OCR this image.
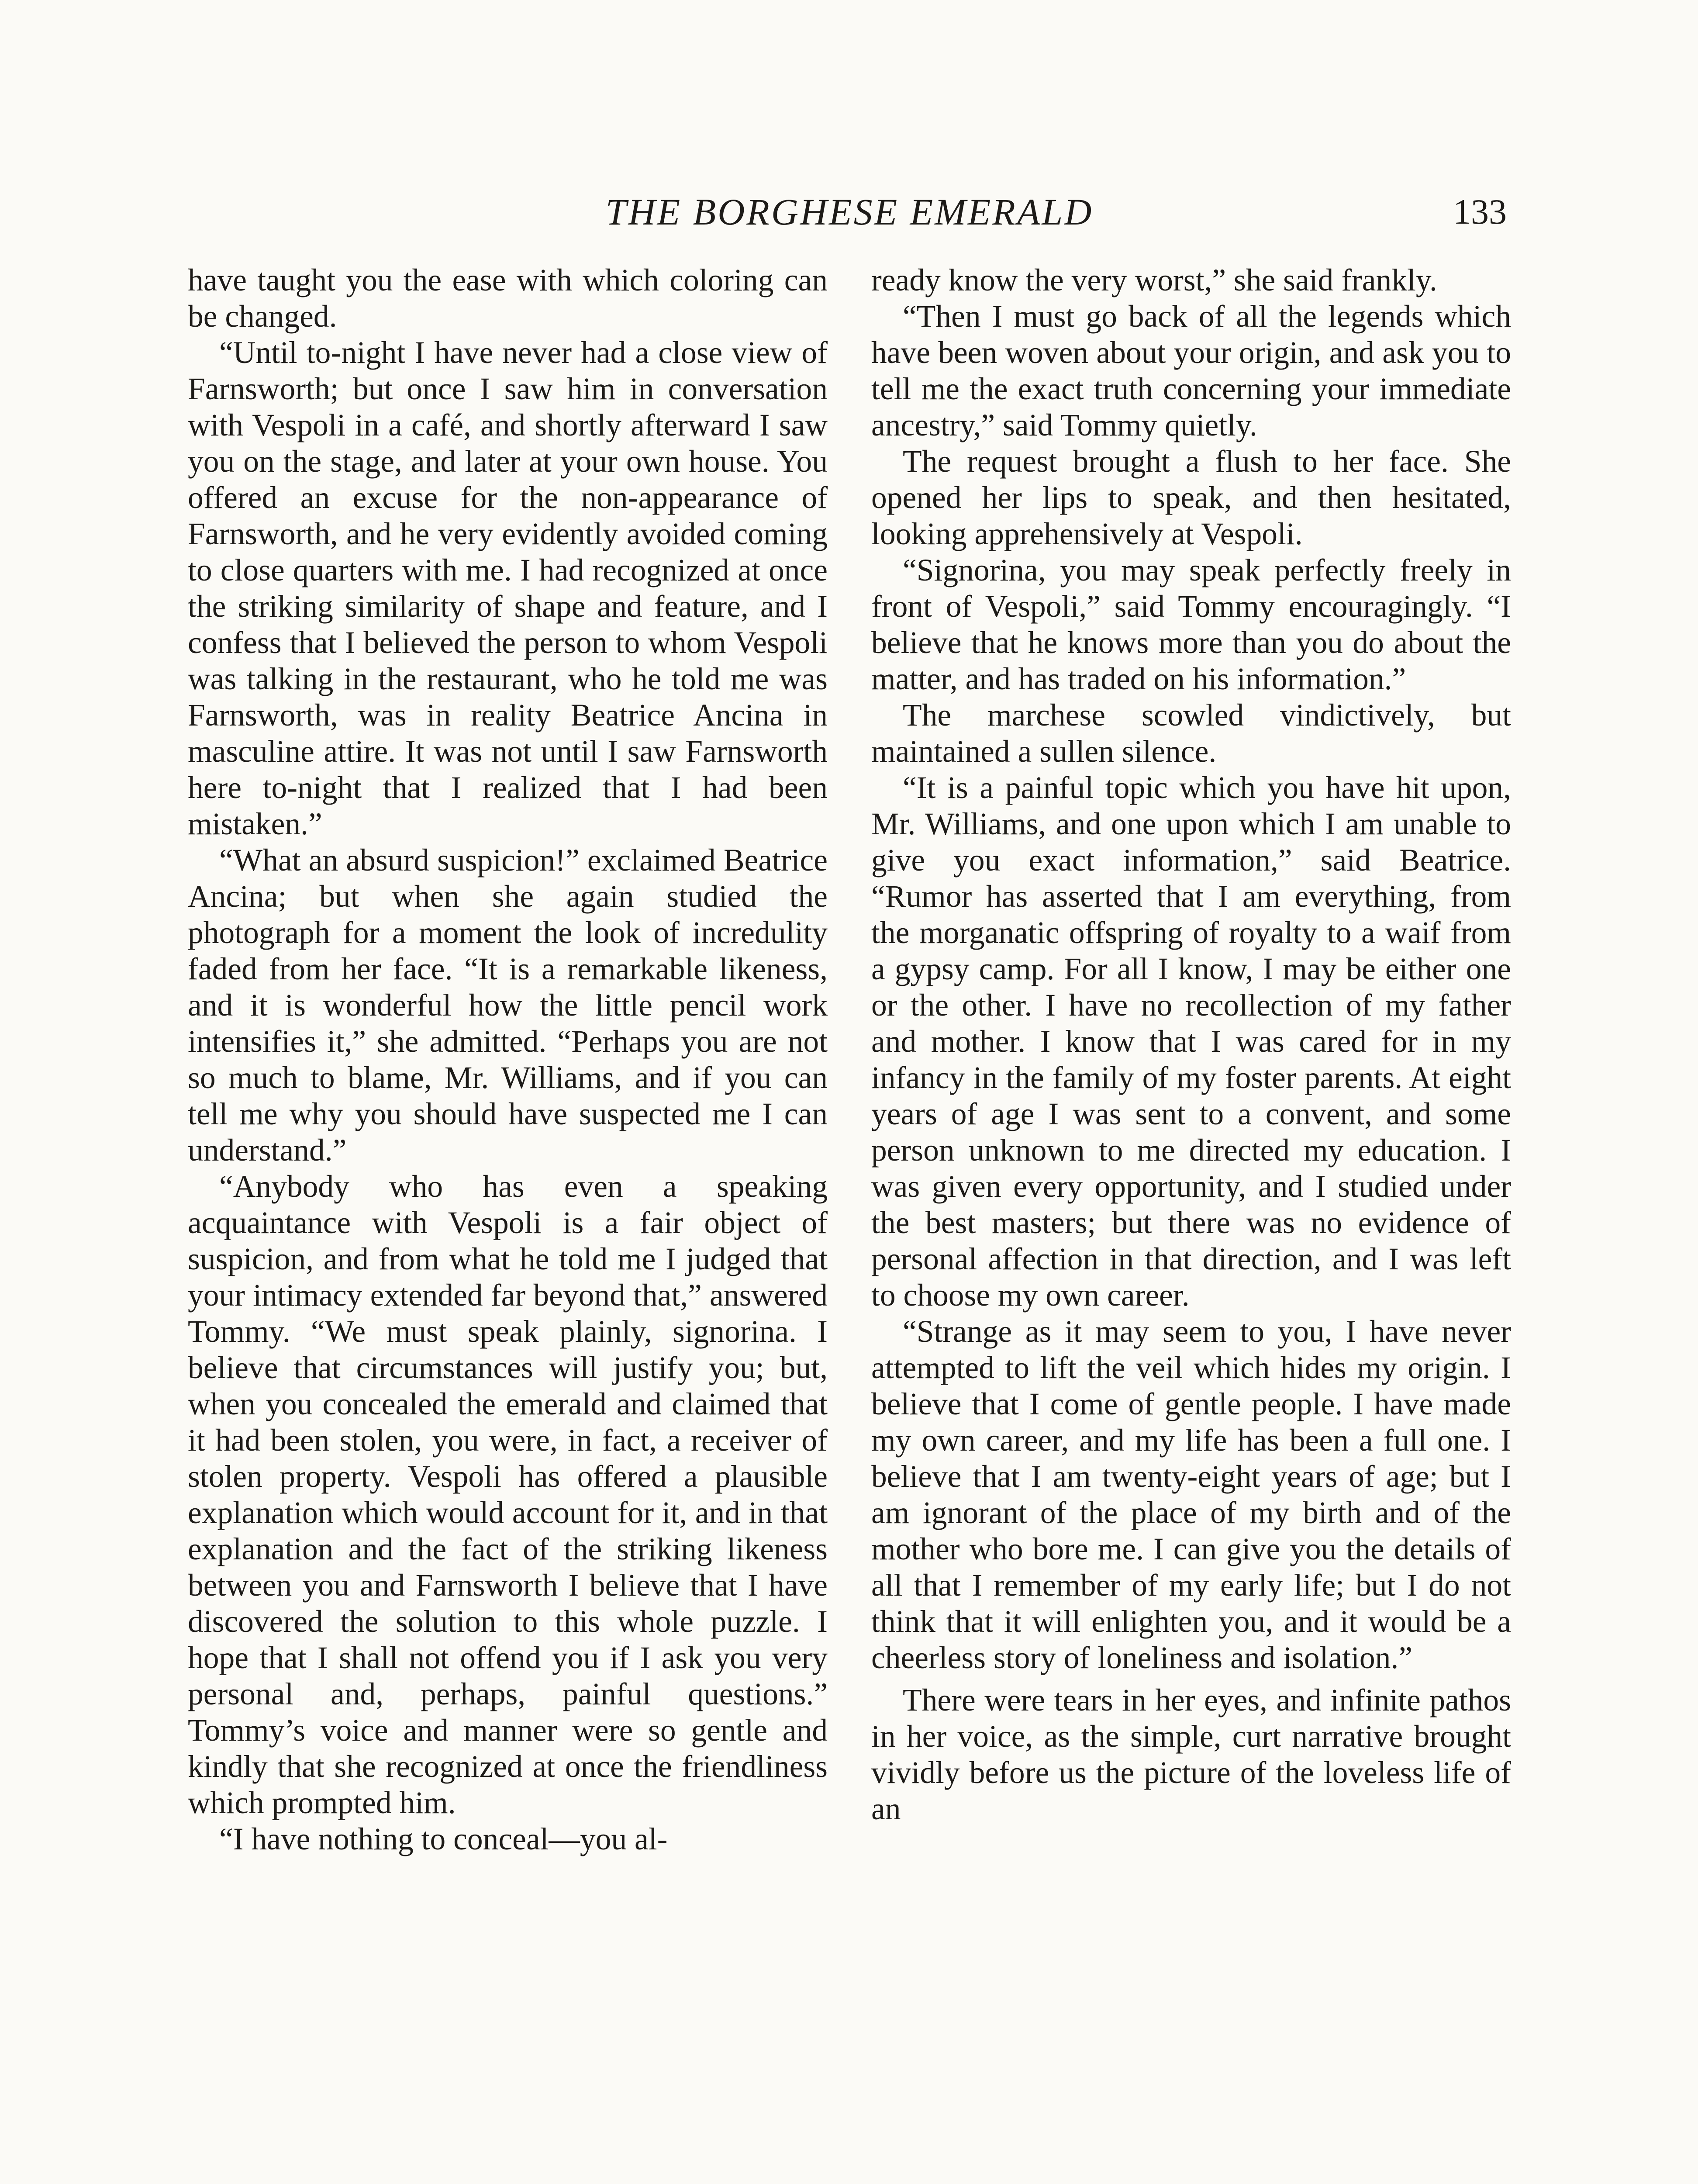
THE BORGHESE EMERALD	133

have taught you the ease with which coloring can be changed.

“Until to-night I have never had a close view of Farnsworth; but once I saw him in conversation with Vespoli in a café, and shortly afterward I saw you on the stage, and later at your own house. You offered an excuse for the non-appearance of Farnsworth, and he very evidently avoided coming to close quarters with me. I had recognized at once the striking similarity of shape and feature, and I confess that I believed the person to whom Vespoli was talking in the restaurant, who he told me was Farnsworth, was in reality Beatrice Ancina in masculine attire. It was not until I saw Farnsworth here to-night that I realized that I had been mistaken.”

“What an absurd suspicion!” exclaimed Beatrice Ancina; but when she again studied the photograph for a moment the look of incredulity faded from her face. “It is a remarkable likeness, and it is wonderful how the little pencil work intensifies it,” she admitted. “Perhaps you are not so much to blame, Mr. Williams, and if you can tell me why you should have suspected me I can understand.”

“Anybody who has even a speaking acquaintance with Vespoli is a fair object of suspicion, and from what he told me I judged that your intimacy extended far beyond that,” answered Tommy. “We must speak plainly, signorina. I believe that circumstances will justify you; but, when you concealed the emerald and claimed that it had been stolen, you were, in fact, a receiver of stolen property. Vespoli has offered a plausible explanation which would account for it, and in that explanation and the fact of the striking likeness between you and Farnsworth I believe that I have discovered the solution to this whole puzzle. I hope that I shall not offend you if I ask you very personal and, perhaps, painful questions.” Tommy’s voice and manner were so gentle and kindly that she recognized at once the friendliness which prompted him.

“I have nothing to conceal—you al-

ready know the very worst,” she said frankly.

“Then I must go back of all the legends which have been woven about your origin, and ask you to tell me the exact truth concerning your immediate ancestry,” said Tommy quietly.

The request brought a flush to her face. She opened her lips to speak, and then hesitated, looking apprehensively at Vespoli.

“Signorina, you may speak perfectly freely in front of Vespoli,” said Tommy encouragingly. “I believe that he knows more than you do about the matter, and has traded on his information.”

The marchese scowled vindictively, but maintained a sullen silence.

“It is a painful topic which you have hit upon, Mr. Williams, and one upon which I am unable to give you exact information,” said Beatrice. “Rumor has asserted that I am everything, from the morganatic offspring of royalty to a waif from a gypsy camp. For all I know, I may be either one or the other. I have no recollection of my father and mother. I know that I was cared for in my infancy in the family of my foster parents. At eight years of age I was sent to a convent, and some person unknown to me directed my education. I was given every opportunity, and I studied under the best masters; but there was no evidence of personal affection in that direction, and I was left to choose my own career.

“Strange as it may seem to you, I have never attempted to lift the veil which hides my origin. I believe that I come of gentle people. I have made my own career, and my life has been a full one. I believe that I am twenty-eight years of age; but I am ignorant of the place of my birth and of the mother who bore me. I can give you the details of all that I remember of my early life; but I do not think that it will enlighten you, and it would be a cheerless story of loneliness and isolation.”

There were tears in her eyes, and infinite pathos in her voice, as the simple, curt narrative brought vividly before us the picture of the loveless life of an
